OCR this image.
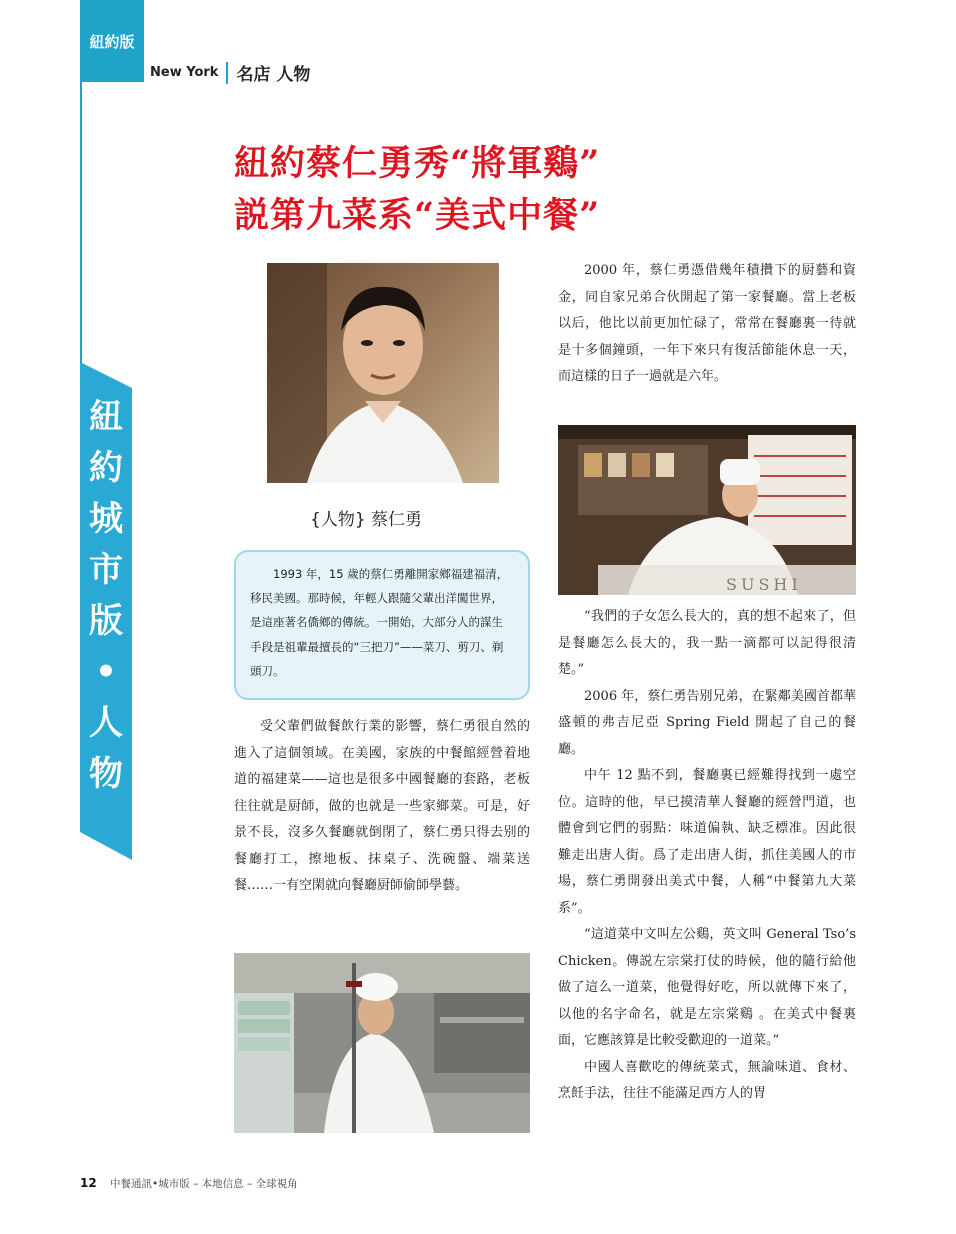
紐約版
New York 名店 人物
紐約城市版•人物
紐約蔡仁勇秀“將軍鷄”
説第九菜系“美式中餐”
{人物} 蔡仁勇
1993 年，15 歲的蔡仁勇離開家鄉福建福清，移民美國。那時候，年輕人跟隨父輩出洋闖世界，是這座著名僑鄉的傳統。一開始，大部分人的謀生手段是祖輩最擅長的“三把刀”——菜刀、剪刀、剃頭刀。

受父輩們做餐飲行業的影響，蔡仁勇很自然的進入了這個領域。在美國，家族的中餐館經營着地道的福建菜——這也是很多中國餐廳的套路，老板往往就是厨師，做的也就是一些家鄉菜。可是，好景不長，沒多久餐廳就倒閉了，蔡仁勇只得去别的餐廳打工，擦地板、抹桌子、洗碗盤、端菜送餐……一有空閑就向餐廳厨師偷師學藝。

2000 年，蔡仁勇憑借幾年積攢下的厨藝和資金，同自家兄弟合伙開起了第一家餐廳。當上老板以后，他比以前更加忙碌了，常常在餐廳裏一待就是十多個鐘頭，一年下來只有復活節能休息一天，而這樣的日子一過就是六年。

SUSHI

“我們的子女怎么長大的，真的想不起來了，但是餐廳怎么長大的，我一點一滴都可以記得很清楚。”

2006 年，蔡仁勇告别兄弟，在緊鄰美國首都華盛頓的弗吉尼亞 Spring Field 開起了自己的餐廳。

中午 12 點不到，餐廳裏已經難得找到一處空位。這時的他，早已摸清華人餐廳的經營門道，也體會到它們的弱點：味道偏執、缺乏標准。因此很難走出唐人街。爲了走出唐人街，抓住美國人的市場，蔡仁勇開發出美式中餐，人稱“中餐第九大菜系”。

“這道菜中文叫左公鷄，英文叫 General Tso’s Chicken。傳説左宗棠打仗的時候，他的隨行給他做了這么一道菜，他覺得好吃，所以就傳下來了，以他的名字命名，就是左宗棠鷄 。在美式中餐裏面，它應該算是比較受歡迎的一道菜。”

中國人喜歡吃的傳統菜式，無論味道、食材、烹飪手法，往往不能滿足西方人的胃

12 中餐通訊•城市版 – 本地信息 – 全球視角
